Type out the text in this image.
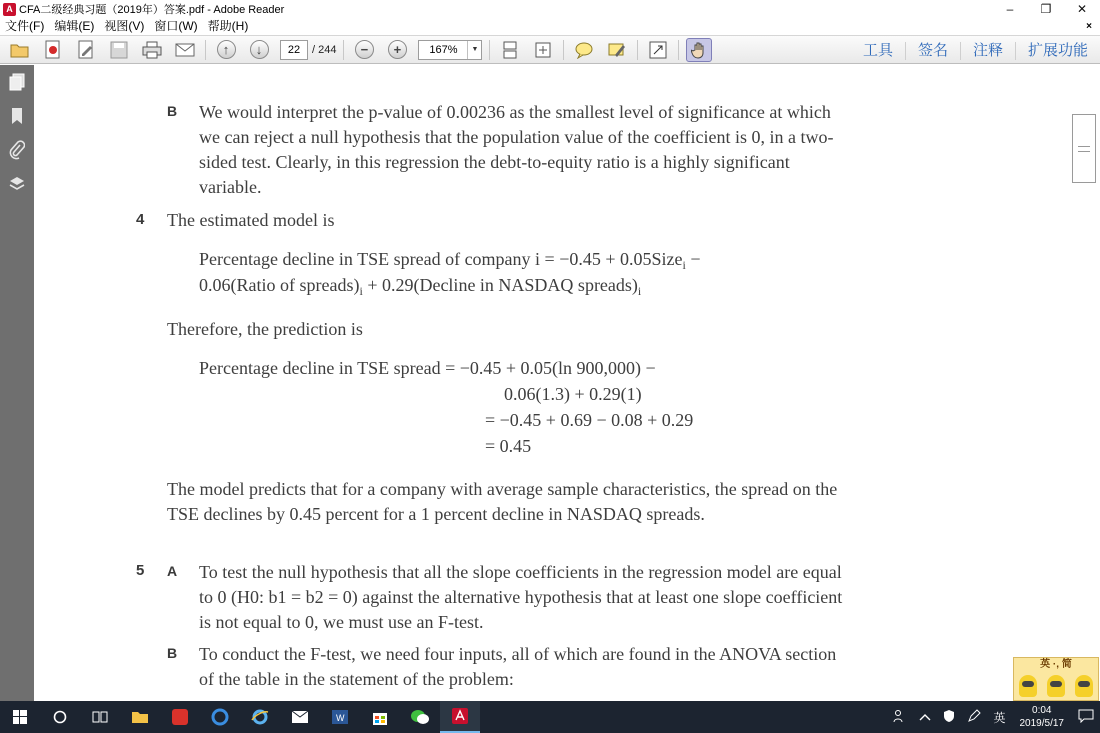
A CFA二级经典习题（2019年）答案.pdf - Adobe Reader	–	❐	✕
文件(F) 编辑(E) 视图(V) 窗口(W) 帮助(H)	×
↑	↓	22	/ 244	−	+	167%	▼	工具	签名	注释	扩展功能
B We would interpret the p-value of 0.00236 as the smallest level of significance at which we can reject a null hypothesis that the population value of the coefficient is 0, in a two-sided test. Clearly, in this regression the debt-to-equity ratio is a highly significant variable.
4 The estimated model is
Percentage decline in TSE spread of company i = −0.45 + 0.05Size$_i$ −
0.06(Ratio of $spreads)_i$ + 0.29(Decline in NASDAQ $spreads)_i$
Therefore, the prediction is
Percentage decline in TSE spread = −0.45 + 0.05(ln 900,000) −
0.06(1.3) + 0.29(1)
= −0.45 + 0.69 − 0.08 + 0.29
= 0.45
The model predicts that for a company with average sample characteristics, the spread on the TSE declines by 0.45 percent for a 1 percent decline in NASDAQ spreads.
5 A To test the null hypothesis that all the slope coefficients in the regression model are equal to 0 (H0: b1 = b2 = 0) against the alternative hypothesis that at least one slope coefficient is not equal to 0, we must use an F-test.
B To conduct the F-test, we need four inputs, all of which are found in the ANOVA section of the table in the statement of the problem:
英 ·, 简
W	英	0:04
2019/5/17
